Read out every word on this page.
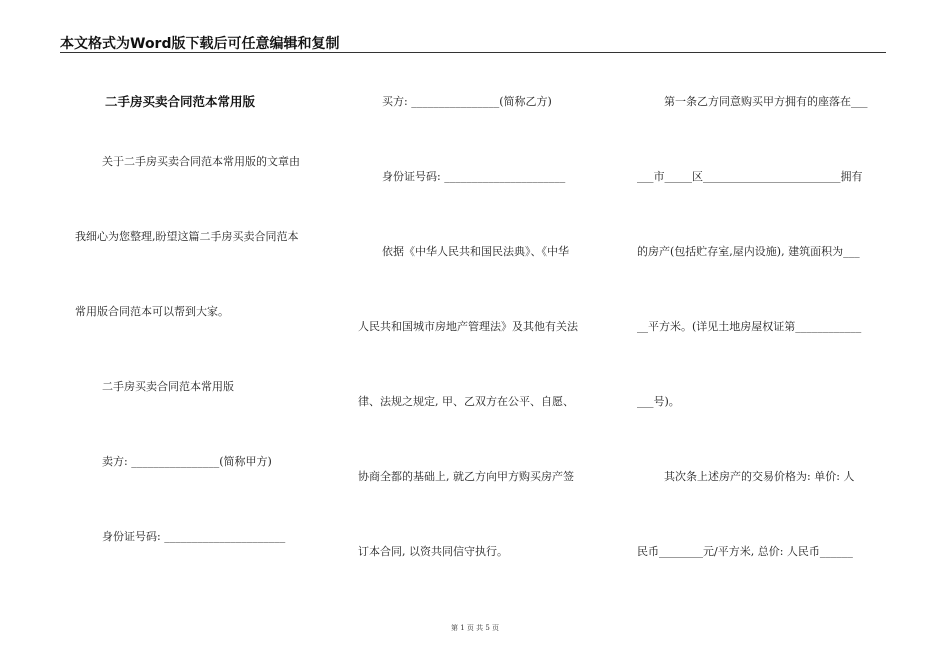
本文格式为Word版下载后可任意编辑和复制
二手房买卖合同范本常用版
关于二手房买卖合同范本常用版的文章由
我细心为您整理,盼望这篇二手房买卖合同范本
常用版合同范本可以帮到大家。
二手房买卖合同范本常用版
卖方: ________________(简称甲方)
身份证号码: ______________________
买方: ________________(简称乙方)
身份证号码: ______________________
依据《中华人民共和国民法典》、《中华
人民共和国城市房地产管理法》及其他有关法
律、法规之规定, 甲、乙双方在公平、自愿、
协商全都的基础上, 就乙方向甲方购买房产签
订本合同, 以资共同信守执行。
第一条乙方同意购买甲方拥有的座落在___
___市_____区_________________________拥有
的房产(包括贮存室,屋内设施), 建筑面积为___
__平方米。(详见土地房屋权证第____________
___号)。
其次条上述房产的交易价格为: 单价: 人
民币________元/平方米, 总价: 人民币______
第 1 页 共 5 页
